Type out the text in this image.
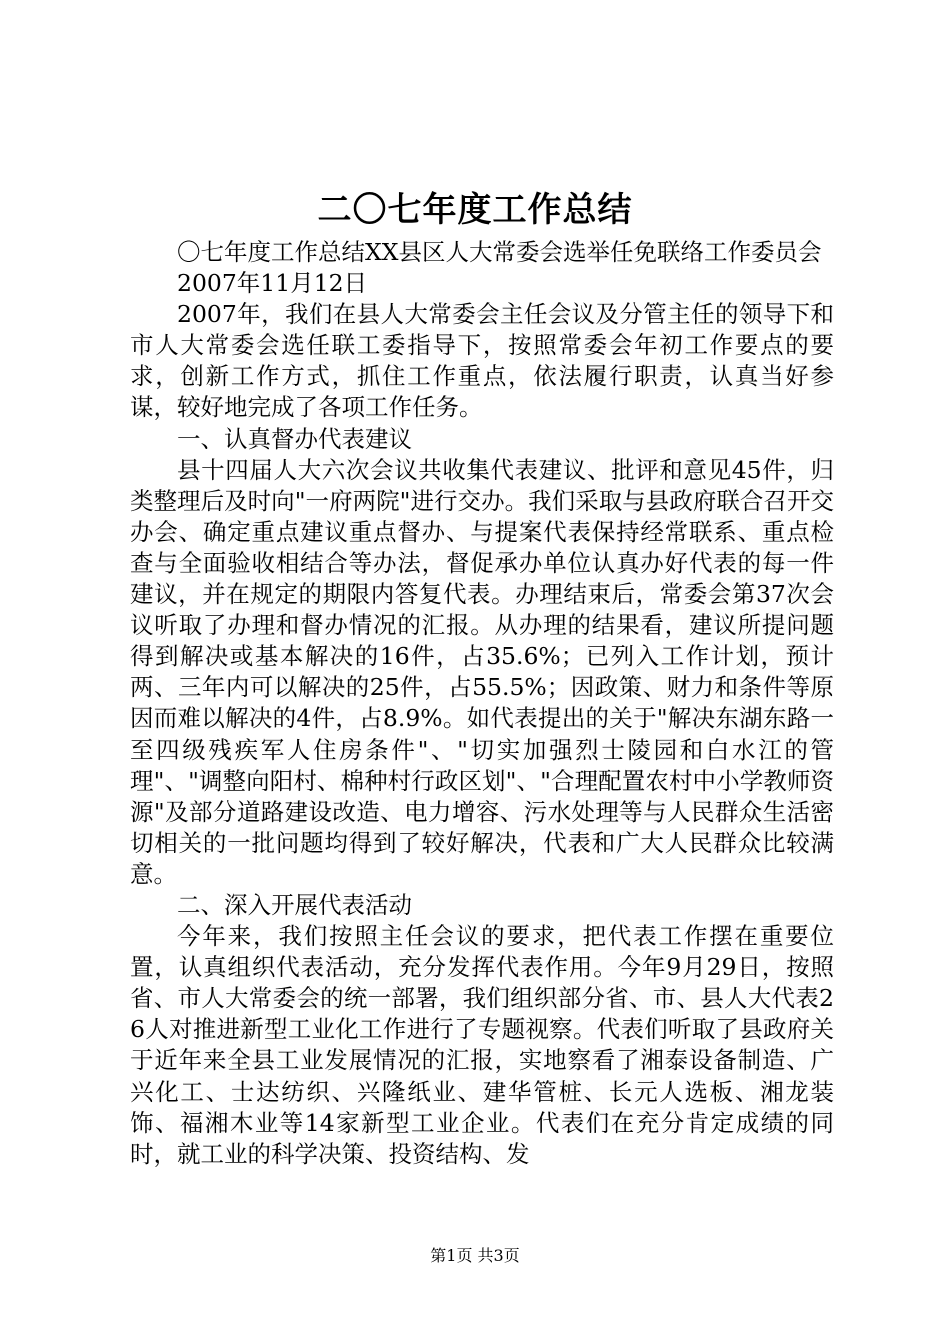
二〇七年度工作总结

〇七年度工作总结XX县区人大常委会选举任免联络工作委员会

2007年11月12日

2007年，我们在县人大常委会主任会议及分管主任的领导下和市人大常委会选任联工委指导下，按照常委会年初工作要点的要求，创新工作方式，抓住工作重点，依法履行职责，认真当好参谋，较好地完成了各项工作任务。

一、认真督办代表建议

县十四届人大六次会议共收集代表建议、批评和意见45件，归类整理后及时向"一府两院"进行交办。我们采取与县政府联合召开交办会、确定重点建议重点督办、与提案代表保持经常联系、重点检查与全面验收相结合等办法，督促承办单位认真办好代表的每一件建议，并在规定的期限内答复代表。办理结束后，常委会第37次会议听取了办理和督办情况的汇报。从办理的结果看，建议所提问题得到解决或基本解决的16件，占35.6%；已列入工作计划，预计两、三年内可以解决的25件，占55.5%；因政策、财力和条件等原因而难以解决的4件，占8.9%。如代表提出的关于"解决东湖东路一至四级残疾军人住房条件"、"切实加强烈士陵园和白水江的管理"、"调整向阳村、棉种村行政区划"、"合理配置农村中小学教师资源"及部分道路建设改造、电力增容、污水处理等与人民群众生活密切相关的一批问题均得到了较好解决，代表和广大人民群众比较满意。

二、深入开展代表活动

今年来，我们按照主任会议的要求，把代表工作摆在重要位置，认真组织代表活动，充分发挥代表作用。今年9月29日，按照省、市人大常委会的统一部署，我们组织部分省、市、县人大代表26人对推进新型工业化工作进行了专题视察。代表们听取了县政府关于近年来全县工业发展情况的汇报，实地察看了湘泰设备制造、广兴化工、士达纺织、兴隆纸业、建华管桩、长元人选板、湘龙装饰、福湘木业等14家新型工业企业。代表们在充分肯定成绩的同时，就工业的科学决策、投资结构、发

第1页 共3页
